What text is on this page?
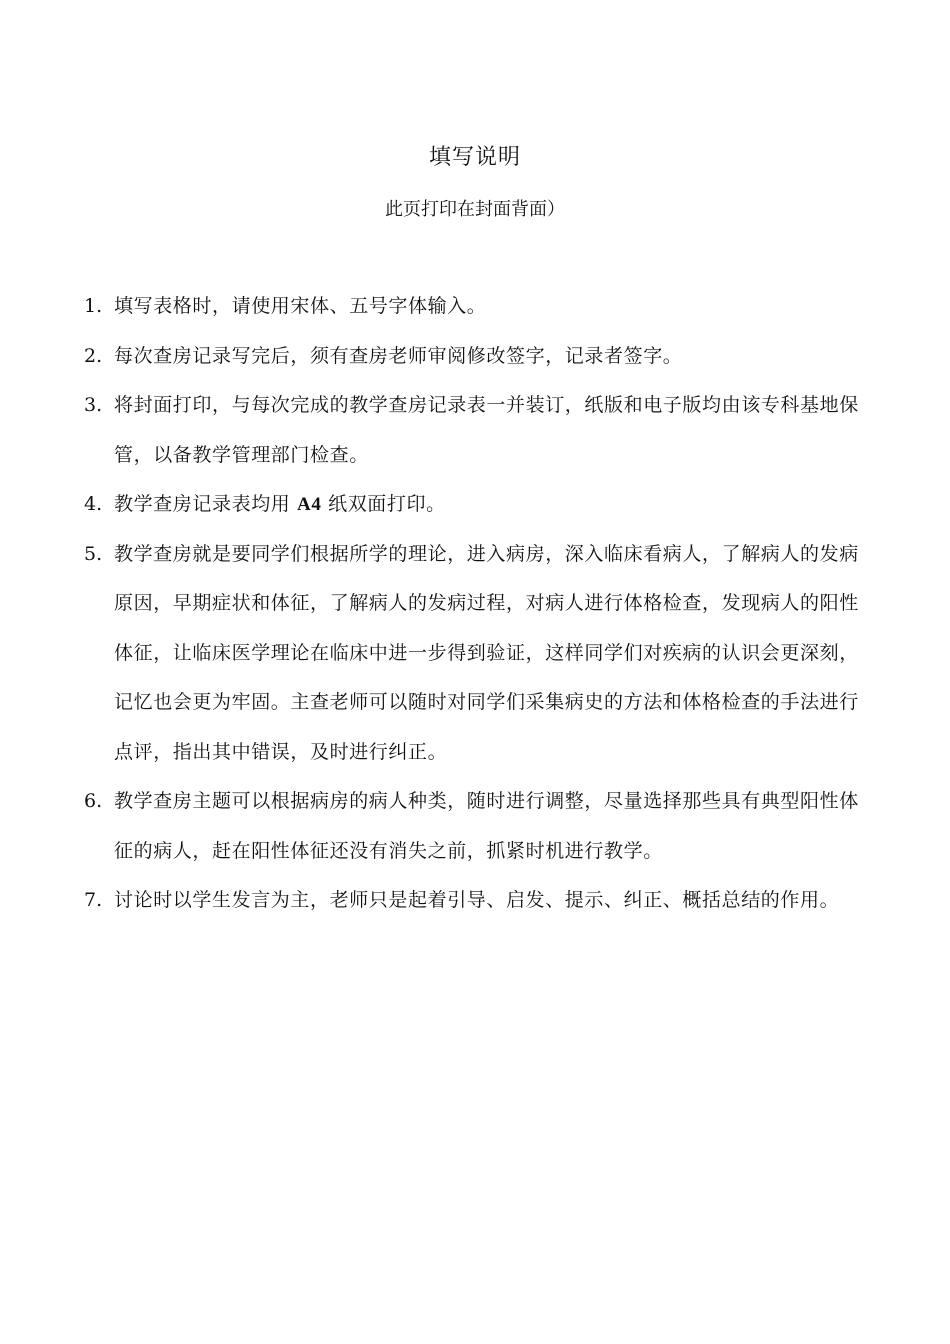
填写说明
此页打印在封面背面）
1. 填写表格时，请使用宋体、五号字体输入。
2. 每次查房记录写完后，须有查房老师审阅修改签字，记录者签字。
3. 将封面打印，与每次完成的教学查房记录表一并装订，纸版和电子版均由该专科基地保管，以备教学管理部门检查。
4. 教学查房记录表均用 A4 纸双面打印。
5. 教学查房就是要同学们根据所学的理论，进入病房，深入临床看病人，了解病人的发病原因，早期症状和体征，了解病人的发病过程，对病人进行体格检查，发现病人的阳性体征，让临床医学理论在临床中进一步得到验证，这样同学们对疾病的认识会更深刻，记忆也会更为牢固。主查老师可以随时对同学们采集病史的方法和体格检查的手法进行点评，指出其中错误，及时进行纠正。
6. 教学查房主题可以根据病房的病人种类，随时进行调整，尽量选择那些具有典型阳性体征的病人，赶在阳性体征还没有消失之前，抓紧时机进行教学。
7. 讨论时以学生发言为主，老师只是起着引导、启发、提示、纠正、概括总结的作用。
